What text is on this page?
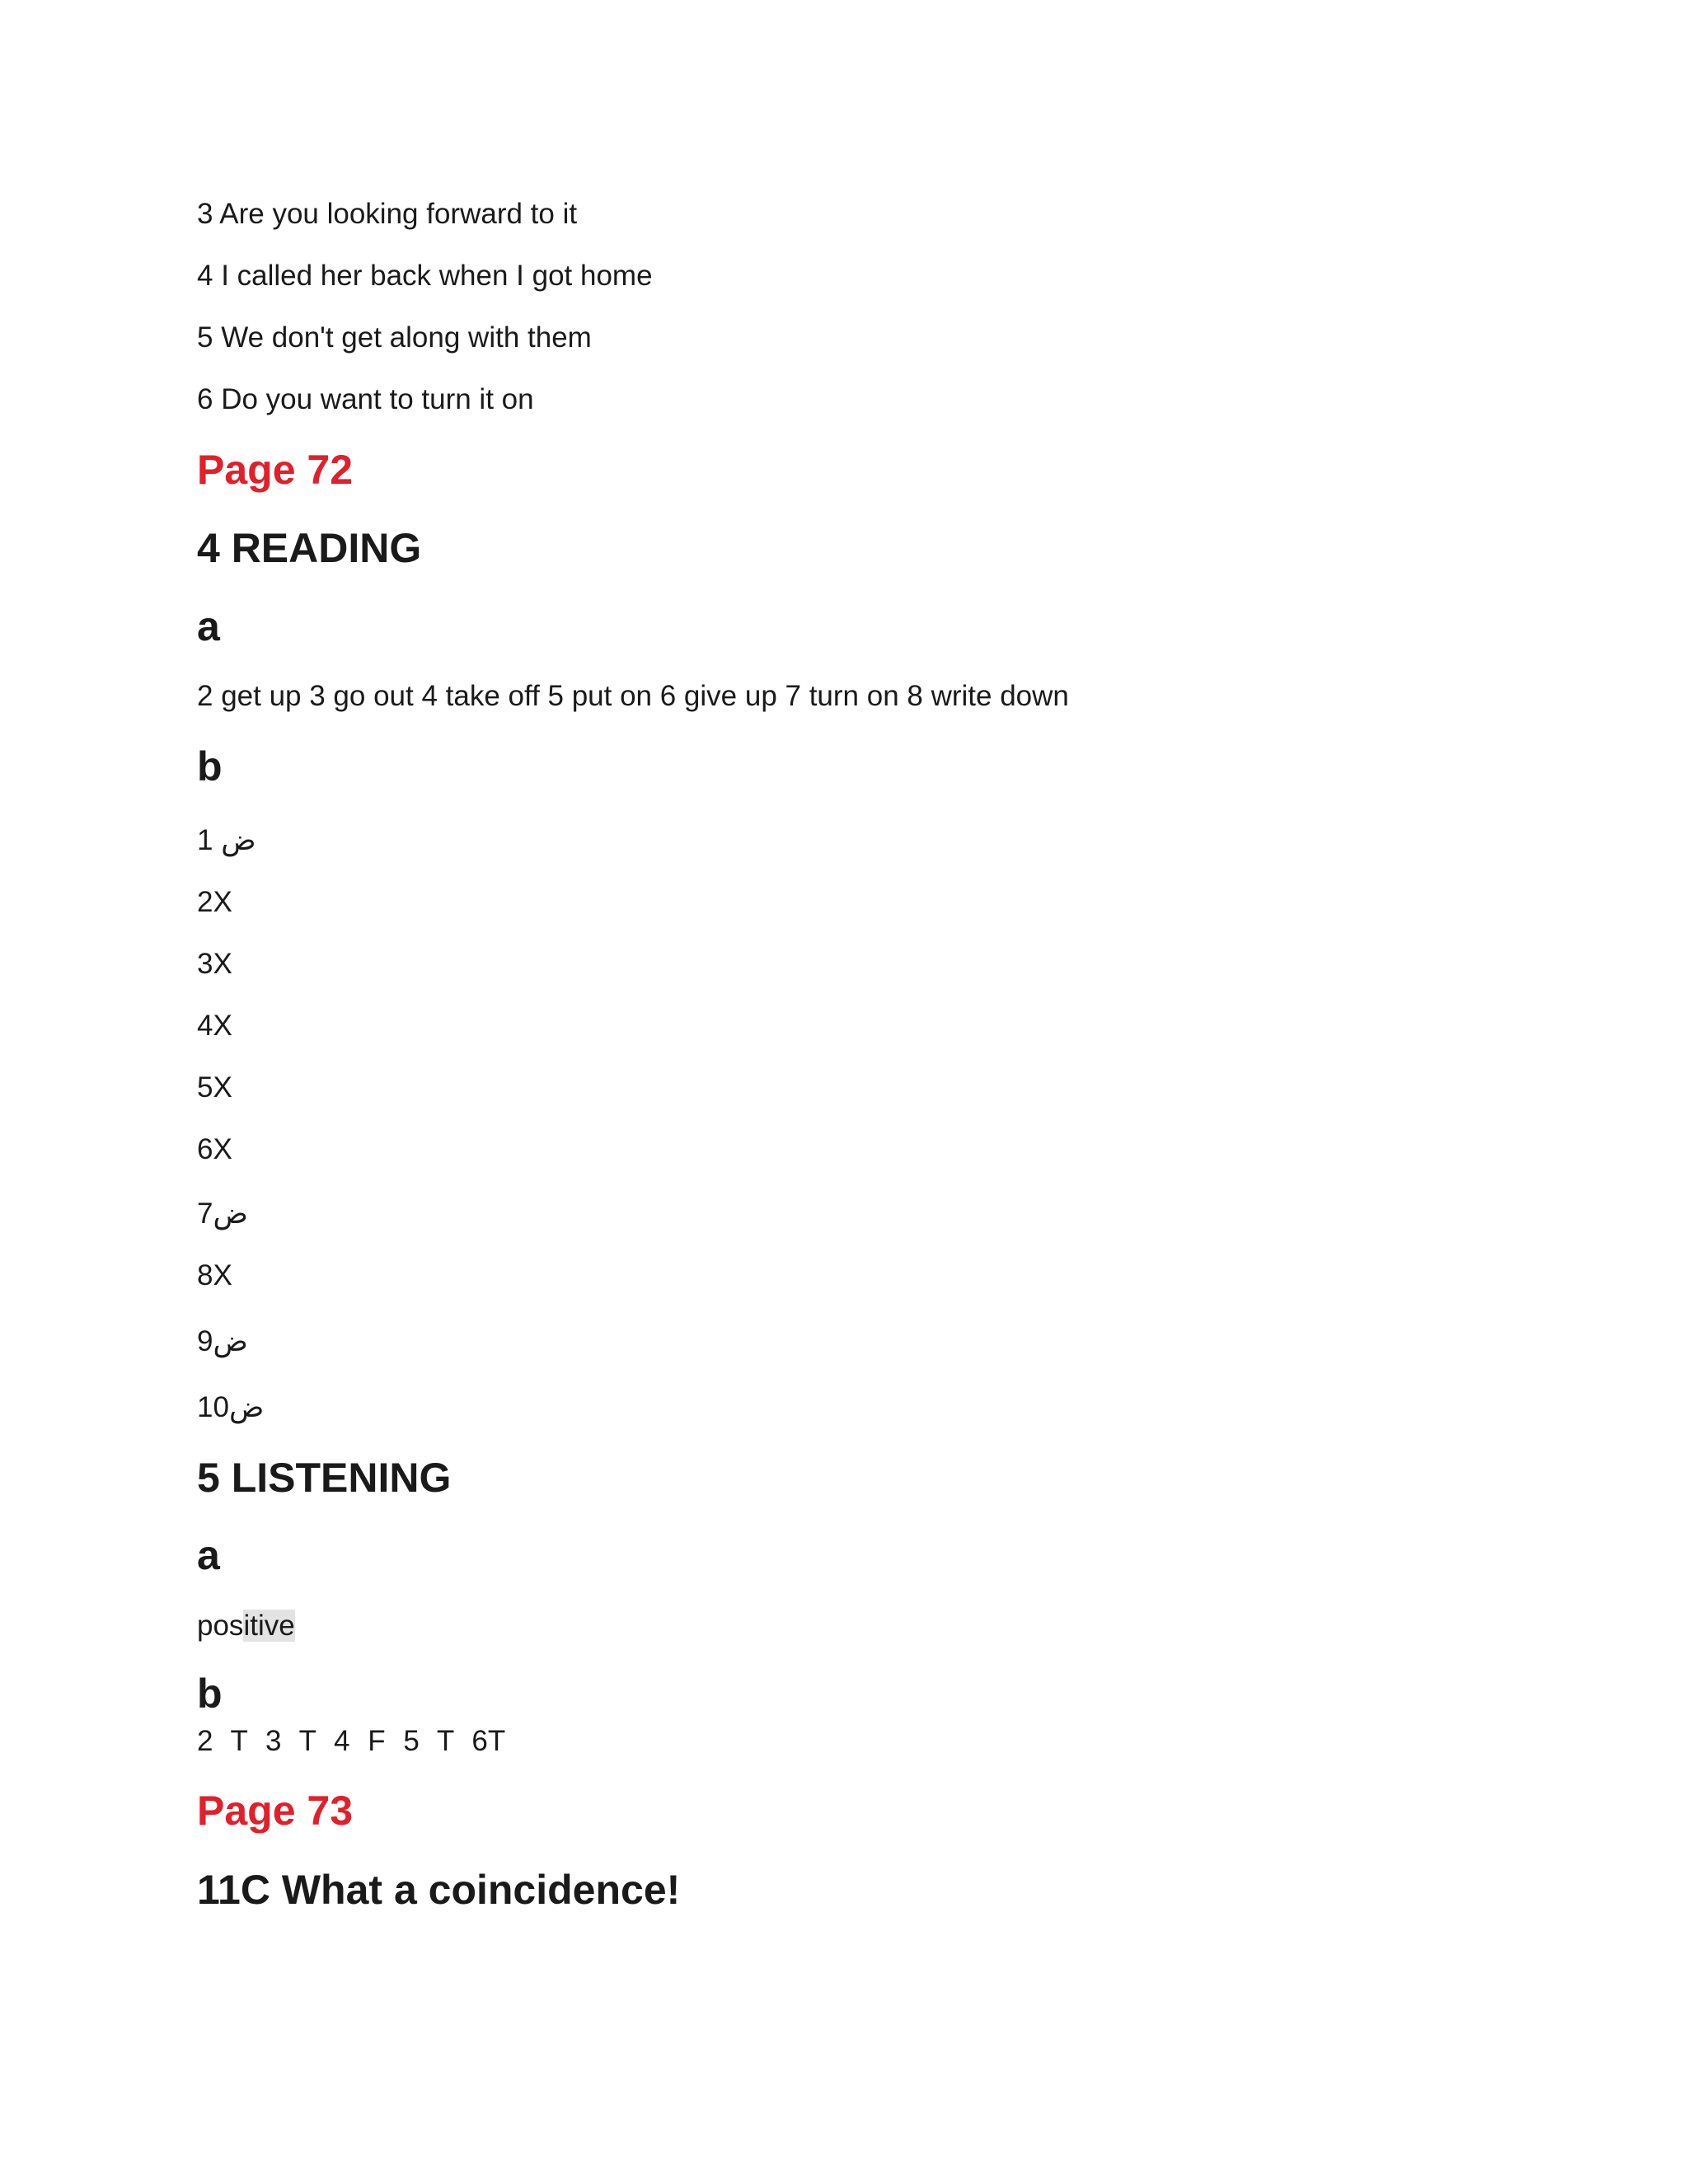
3 Are you looking forward to it
4 I called her back when I got home
5 We don't get along with them
6 Do you want to turn it on
Page 72
4 READING
a
2 get up 3 go out 4 take off 5 put on 6 give up 7 turn on 8 write down
b
1 ض
2X
3X
4X
5X
6X
7ض
8X
9ض
10ض
5 LISTENING
a
positive
b
2 T 3 T 4 F 5 T 6T
Page 73
11C What a coincidence!
